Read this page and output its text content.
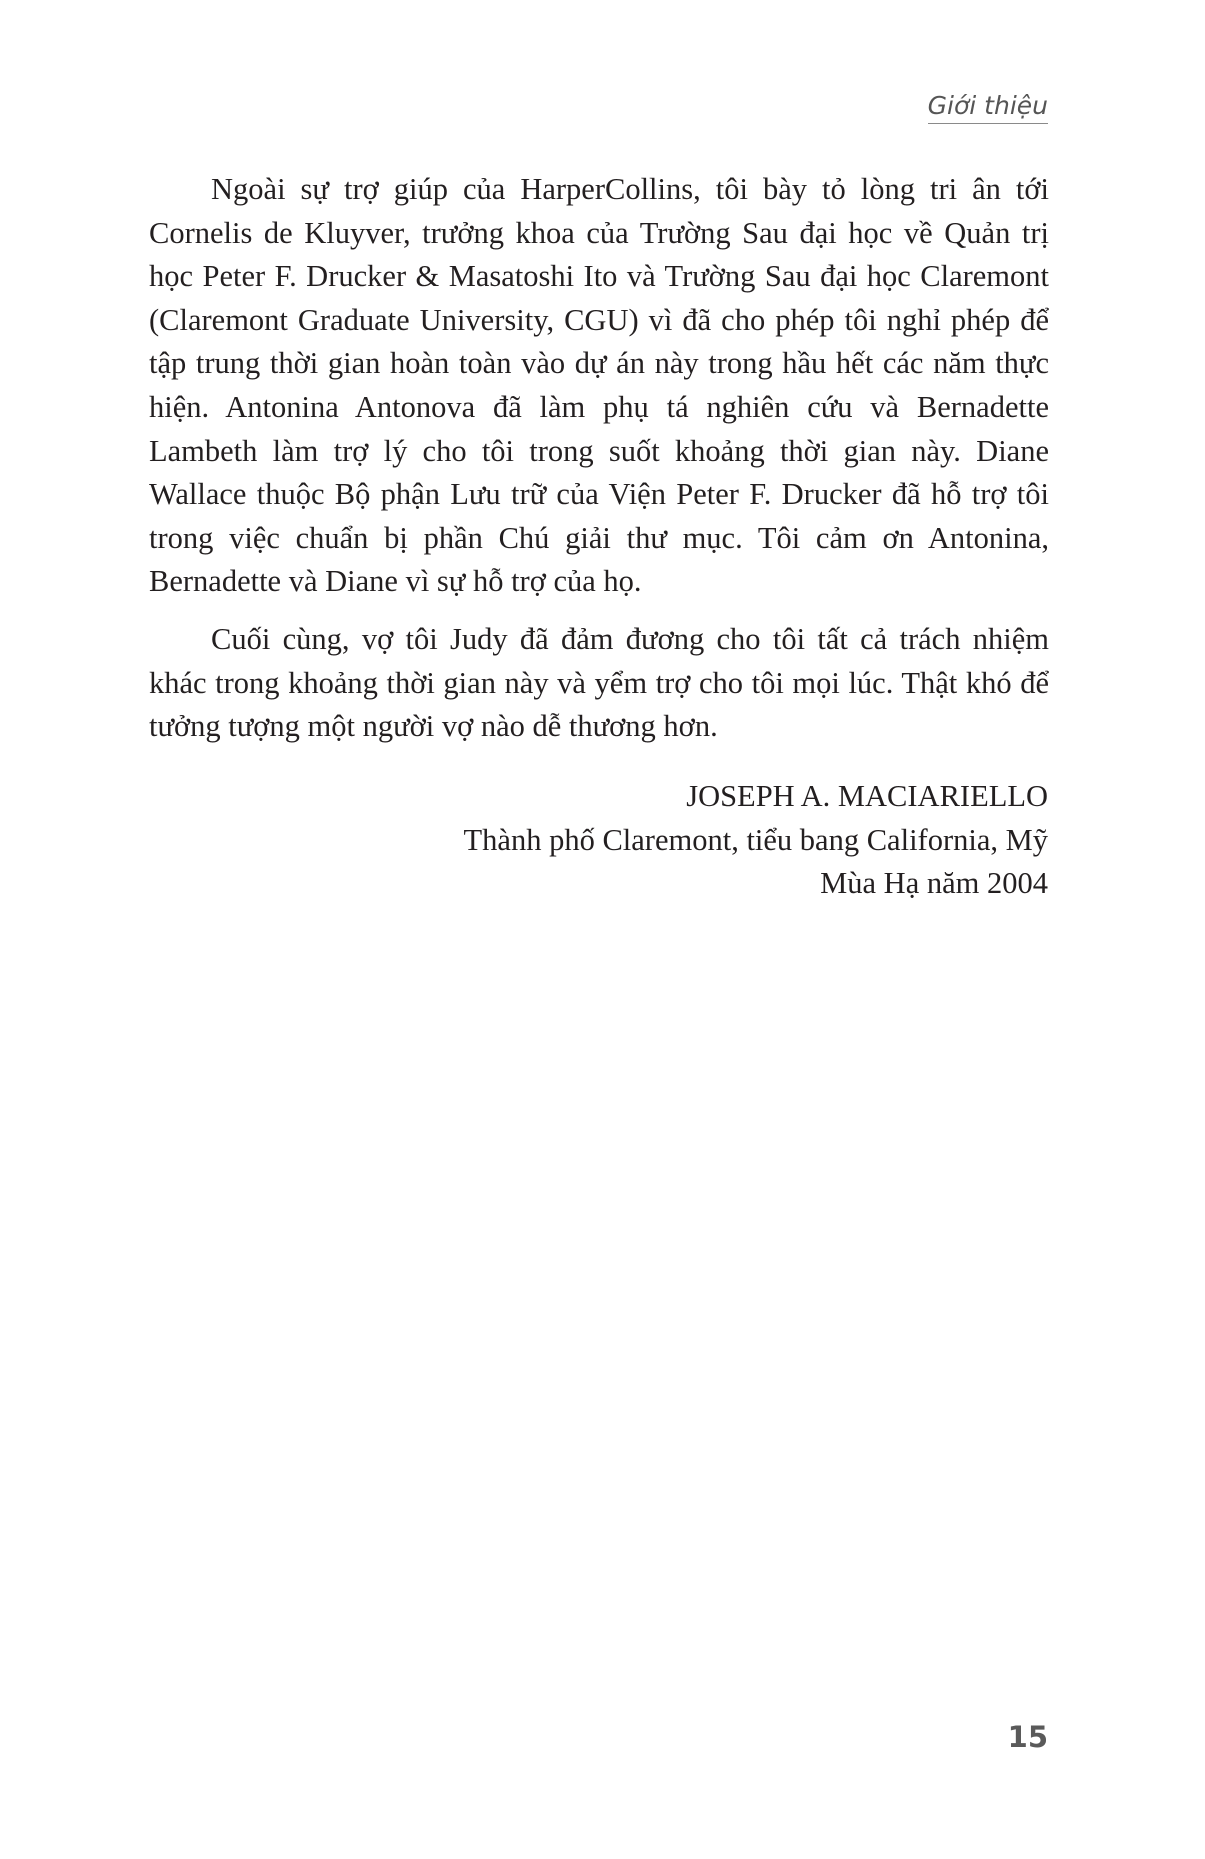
Giới thiệu

Ngoài sự trợ giúp của HarperCollins, tôi bày tỏ lòng tri ân tới Cornelis de Kluyver, trưởng khoa của Trường Sau đại học về Quản trị học Peter F. Drucker & Masatoshi Ito và Trường Sau đại học Claremont (Claremont Graduate University, CGU) vì đã cho phép tôi nghỉ phép để tập trung thời gian hoàn toàn vào dự án này trong hầu hết các năm thực hiện. Antonina Antonova đã làm phụ tá nghiên cứu và Bernadette Lambeth làm trợ lý cho tôi trong suốt khoảng thời gian này. Diane Wallace thuộc Bộ phận Lưu trữ của Viện Peter F. Drucker đã hỗ trợ tôi trong việc chuẩn bị phần Chú giải thư mục. Tôi cảm ơn Antonina, Bernadette và Diane vì sự hỗ trợ của họ.

Cuối cùng, vợ tôi Judy đã đảm đương cho tôi tất cả trách nhiệm khác trong khoảng thời gian này và yểm trợ cho tôi mọi lúc. Thật khó để tưởng tượng một người vợ nào dễ thương hơn.

JOSEPH A. MACIARIELLO
Thành phố Claremont, tiểu bang California, Mỹ
Mùa Hạ năm 2004
15
